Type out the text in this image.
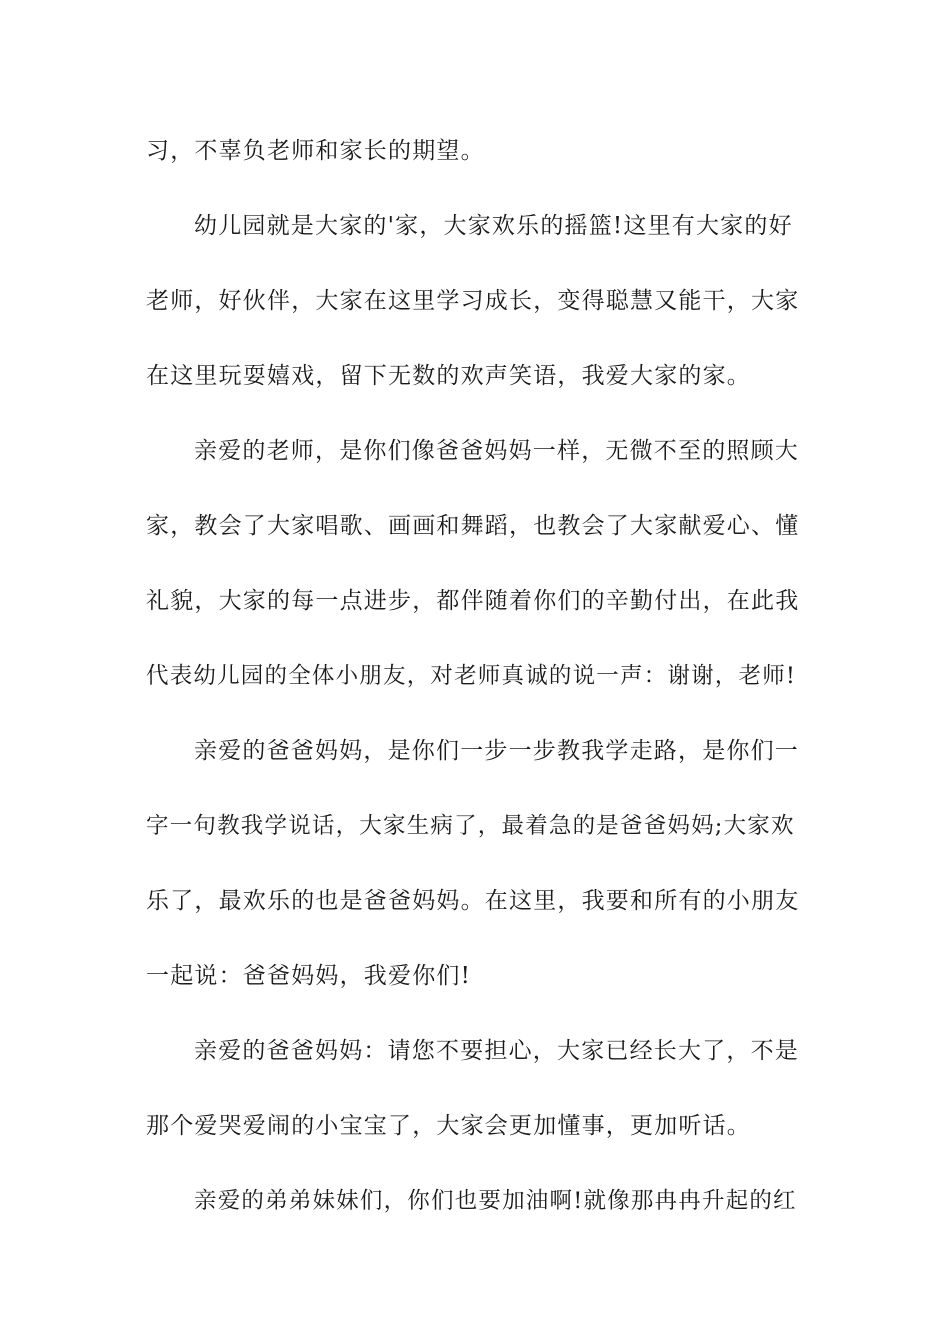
习，不辜负老师和家长的期望。
幼儿园就是大家的'家，大家欢乐的摇篮!这里有大家的好
老师，好伙伴，大家在这里学习成长，变得聪慧又能干，大家
在这里玩耍嬉戏，留下无数的欢声笑语，我爱大家的家。
亲爱的老师，是你们像爸爸妈妈一样，无微不至的照顾大
家，教会了大家唱歌、画画和舞蹈，也教会了大家献爱心、懂
礼貌，大家的每一点进步，都伴随着你们的辛勤付出，在此我
代表幼儿园的全体小朋友，对老师真诚的说一声：谢谢，老师!
亲爱的爸爸妈妈，是你们一步一步教我学走路，是你们一
字一句教我学说话，大家生病了，最着急的是爸爸妈妈;大家欢
乐了，最欢乐的也是爸爸妈妈。在这里，我要和所有的小朋友
一起说：爸爸妈妈，我爱你们!
亲爱的爸爸妈妈：请您不要担心，大家已经长大了，不是
那个爱哭爱闹的小宝宝了，大家会更加懂事，更加听话。
亲爱的弟弟妹妹们，你们也要加油啊!就像那冉冉升起的红
